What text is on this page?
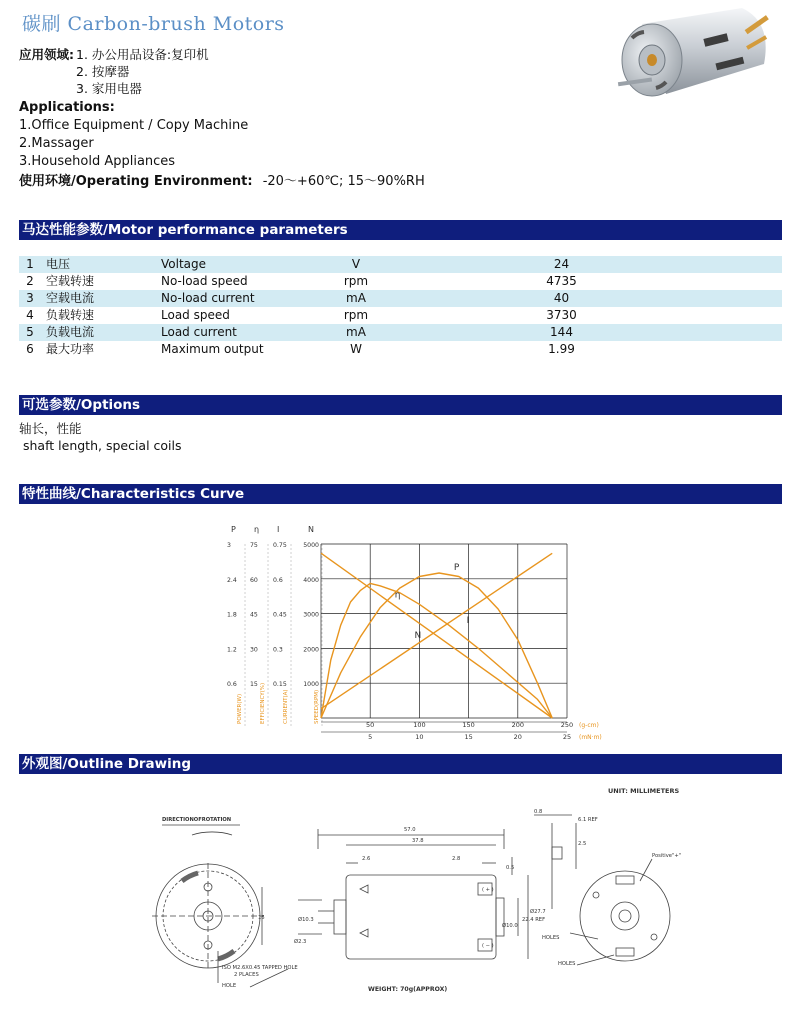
碳刷 Carbon-brush Motors
应用领域: 1. 办公用品设备:复印机
2. 按摩器
3. 家用电器
Applications:
1.Office Equipment / Copy Machine
2.Massager
3.Household Appliances
使用环境/Operating Environment: -20～+60℃; 15～90%RH
马达性能参数/Motor performance parameters
1	电压	Voltage	V	24
2	空载转速	No-load speed	rpm	4735
3	空载电流	No-load current	mA	40
4	负载转速	Load speed	rpm	3730
5	负载电流	Load current	mA	144
6	最大功率	Maximum output	W	1.99
可选参数/Options
轴长，性能
shaft length, special coils
特性曲线/Characteristics Curve
P
3
2.4
1.8
1.2
0.6
POWER(W)
η
75
60
45
30
15 EFFICIENCY(%)
I
0.75
0.6
0.45
0.3
0.15
CURRENT(A)
N
5000
4000
3000
2000
1000
SPEED(RPM)
50	100	150	200	250
5	10	15	20	25
(g-cm)
(mN·m)
P
η
N
I
外观图/Outline Drawing
UNIT: MILLIMETERS
DIRECTIONOFROTATION
HOLE
ISO M2.6X0.45 TAPPED HOLE
2 PLACES
WEIGHT: 70g(APPROX)
57.0
37.8
2.6	2.8
0.5
Ø10.3
Ø2.3
22.4 REF
Ø27.7
Ø10.0
16
0.8
6.1 REF
2.5
( + )
( − )
HOLES
HOLES
Positive"+"
